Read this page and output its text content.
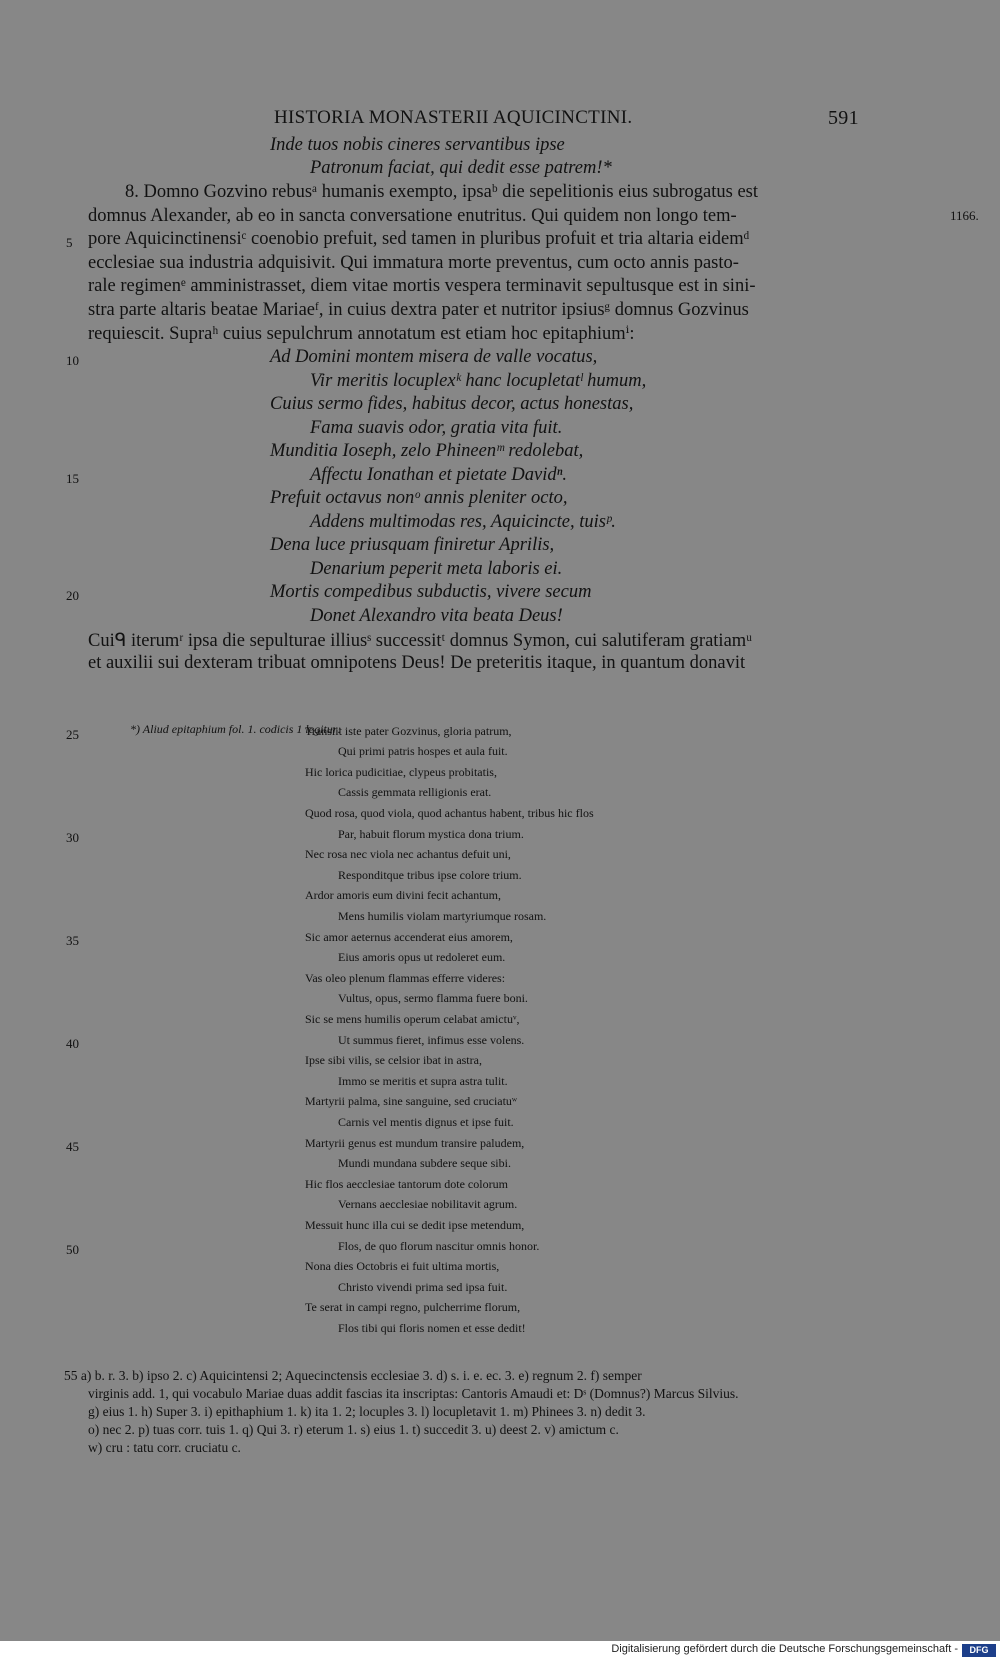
HISTORIA MONASTERII AQUICINCTINI.	591
Inde tuos nobis cineres servantibus ipse
Patronum faciat, qui dedit esse patrem!*
8. Domno Gozvino rebusᵃ humanis exempto, ipsaᵇ die sepelitionis eius subrogatus est
domnus Alexander, ab eo in sancta conversatione enutritus. Qui quidem non longo tem-
pore Aquicinctinensiᶜ coenobio prefuit, sed tamen in pluribus profuit et tria altaria eidemᵈ
ecclesiae sua industria adquisivit. Qui immatura morte preventus, cum octo annis pasto-
rale regimenᵉ amministrasset, diem vitae mortis vespera terminavit sepultusque est in sini-
stra parte altaris beatae Mariaeᶠ, in cuius dextra pater et nutritor ipsiusᵍ domnus Gozvinus
requiescit. Supraʰ cuius sepulchrum annotatum est etiam hoc epitaphiumⁱ:
Ad Domini montem misera de valle vocatus,
Vir meritis locuplexᵏ hanc locupletatˡ humum,
Cuius sermo fides, habitus decor, actus honestas,
Fama suavis odor, gratia vita fuit.
Munditia Ioseph, zelo Phineenᵐ redolebat,
Affectu Ionathan et pietate Davidⁿ.
Prefuit octavus nonᵒ annis pleniter octo,
Addens multimodas res, Aquicincte, tuisᵖ.
Dena luce priusquam finiretur Aprilis,
Denarium peperit meta laboris ei.
Mortis compedibus subductis, vivere secum
Donet Alexandro vita beata Deus!
Cuiᑫ iterumʳ ipsa die sepulturae illiusˢ successitᵗ domnus Symon, cui salutiferam gratiamᵘ
et auxilii sui dexteram tribuat omnipotens Deus! De preteritis itaque, in quantum donavit
5
10
15
20
25
30
35
40
45
50
1166.
*) Aliud epitaphium fol. 1. codicis 1 legitur:
Transiit iste pater Gozvinus, gloria patrum,
Qui primi patris hospes et aula fuit.
Hic lorica pudicitiae, clypeus probitatis,
Cassis gemmata relligionis erat.
Quod rosa, quod viola, quod achantus habent, tribus hic flos
Par, habuit florum mystica dona trium.
Nec rosa nec viola nec achantus defuit uni,
Responditque tribus ipse colore trium.
Ardor amoris eum divini fecit achantum,
Mens humilis violam martyriumque rosam.
Sic amor aeternus accenderat eius amorem,
Eius amoris opus ut redoleret eum.
Vas oleo plenum flammas efferre videres:
Vultus, opus, sermo flamma fuere boni.
Sic se mens humilis operum celabat amictuᵛ,
Ut summus fieret, infimus esse volens.
Ipse sibi vilis, se celsior ibat in astra,
Immo se meritis et supra astra tulit.
Martyrii palma, sine sanguine, sed cruciatuʷ
Carnis vel mentis dignus et ipse fuit.
Martyrii genus est mundum transire paludem,
Mundi mundana subdere seque sibi.
Hic flos aecclesiae tantorum dote colorum
Vernans aecclesiae nobilitavit agrum.
Messuit hunc illa cui se dedit ipse metendum,
Flos, de quo florum nascitur omnis honor.
Nona dies Octobris ei fuit ultima mortis,
Christo vivendi prima sed ipsa fuit.
Te serat in campi regno, pulcherrime florum,
Flos tibi qui floris nomen et esse dedit!
55 a) b. r. 3. b) ipso 2. c) Aquicintensi 2; Aquecinctensis ecclesiae 3. d) s. i. e. ec. 3. e) regnum 2. f) semper
virginis add. 1, qui vocabulo Mariae duas addit fascias ita inscriptas: Cantoris Amaudi et: Dˢ (Domnus?) Marcus Silvius.
g) eius 1. h) Super 3. i) epithaphium 1. k) ita 1. 2; locuples 3. l) locupletavit 1. m) Phinees 3. n) dedit 3.
o) nec 2. p) tuas corr. tuis 1. q) Qui 3. r) eterum 1. s) eius 1. t) succedit 3. u) deest 2. v) amictum c.
w) cru : tatu corr. cruciatu c.
Digitalisierung gefördert durch die Deutsche Forschungsgemeinschaft -	DFG
